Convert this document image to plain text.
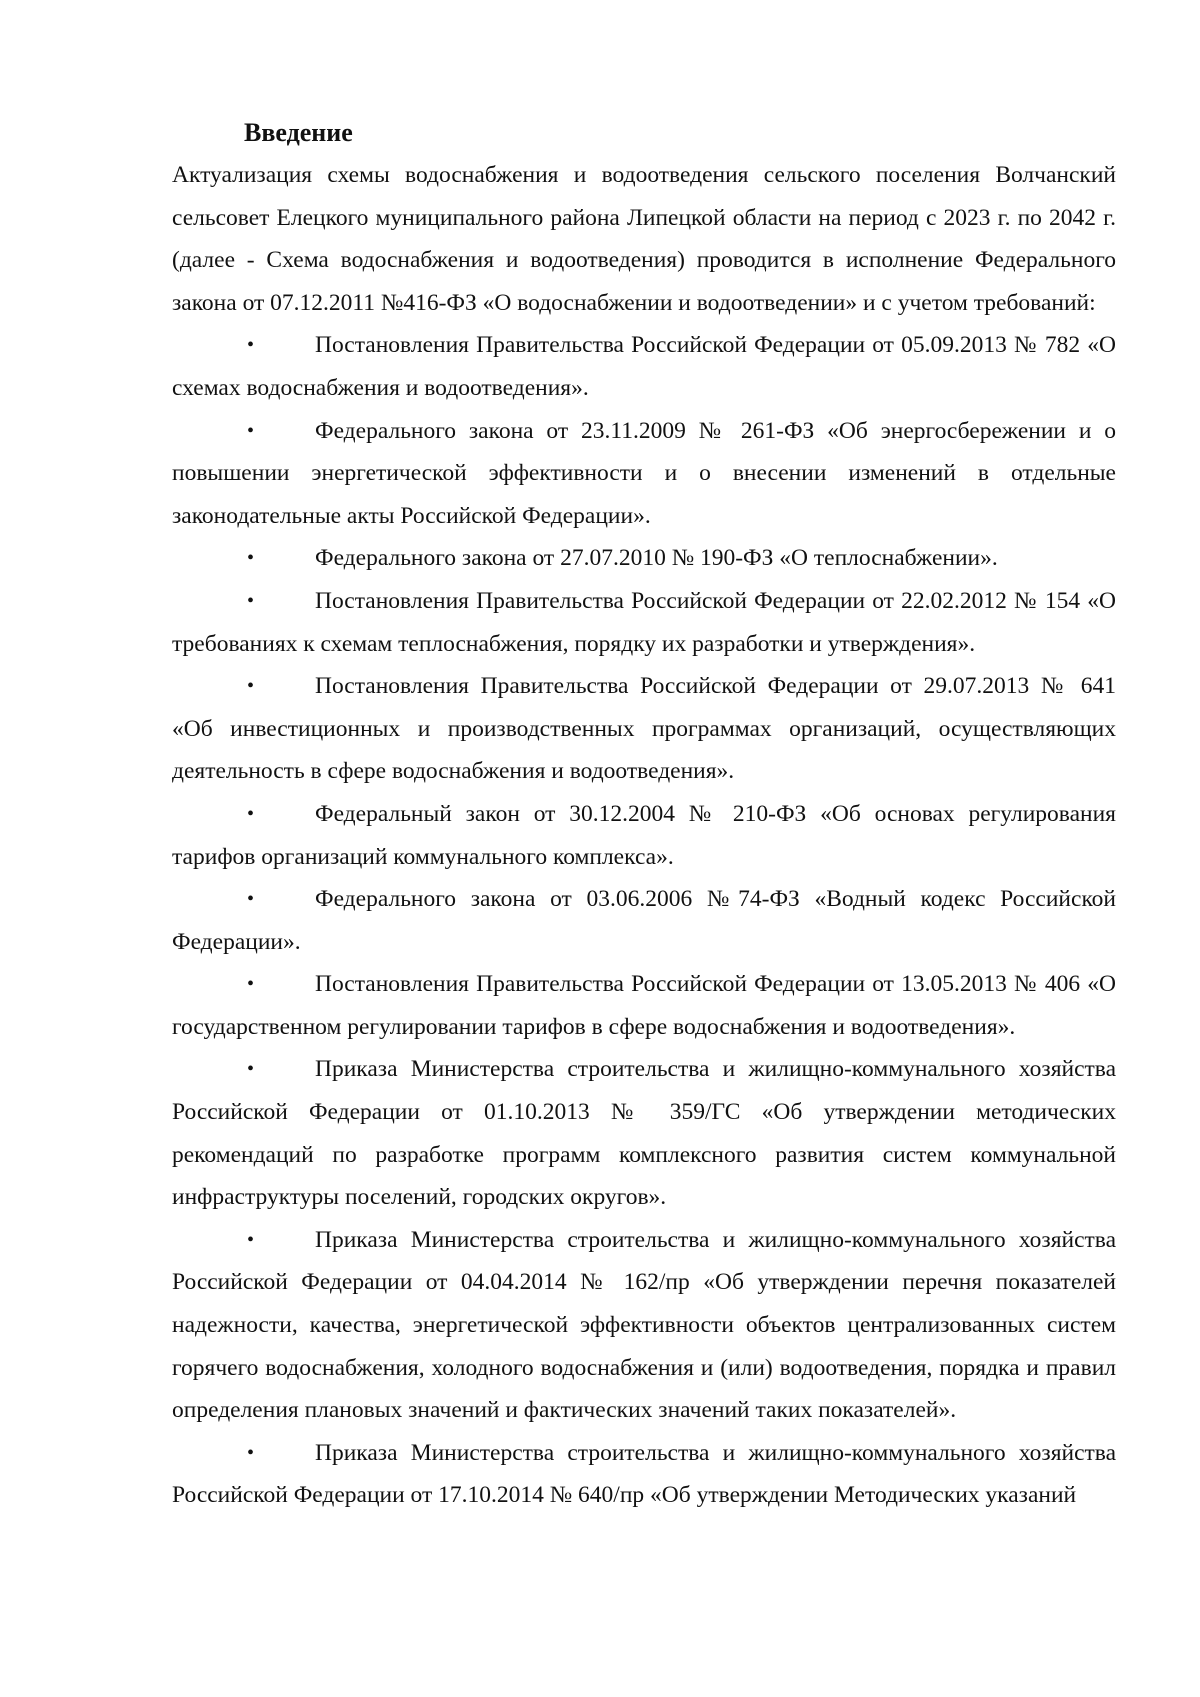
Введение

Актуализация схемы водоснабжения и водоотведения сельского поселения Волчанский сельсовет Елецкого муниципального района Липецкой области на период с 2023 г. по 2042 г. (далее - Схема водоснабжения и водоотведения) проводится в исполнение Федерального закона от 07.12.2011 №416-ФЗ «О водоснабжении и водоотведении» и с учетом требований:

•	Постановления Правительства Российской Федерации от 05.09.2013 № 782 «О схемах водоснабжения и водоотведения».
•	Федерального закона от 23.11.2009 № 261-ФЗ «Об энергосбережении и о повышении энергетической эффективности и о внесении изменений в отдельные законодательные акты Российской Федерации».
•	Федерального закона от 27.07.2010 № 190-ФЗ «О теплоснабжении».
•	Постановления Правительства Российской Федерации от 22.02.2012 № 154 «О требованиях к схемам теплоснабжения, порядку их разработки и утверждения».
•	Постановления Правительства Российской Федерации от 29.07.2013 № 641 «Об инвестиционных и производственных программах организаций, осуществляющих деятельность в сфере водоснабжения и водоотведения».
•	Федеральный закон от 30.12.2004 № 210-ФЗ «Об основах регулирования тарифов организаций коммунального комплекса».
•	Федерального закона от 03.06.2006 №74-ФЗ «Водный кодекс Российской Федерации».
•	Постановления Правительства Российской Федерации от 13.05.2013 № 406 «О государственном регулировании тарифов в сфере водоснабжения и водоотведения».
•	Приказа Министерства строительства и жилищно-коммунального хозяйства Российской Федерации от 01.10.2013 № 359/ГС «Об утверждении методических рекомендаций по разработке программ комплексного развития систем коммунальной инфраструктуры поселений, городских округов».
•	Приказа Министерства строительства и жилищно-коммунального хозяйства Российской Федерации от 04.04.2014 № 162/пр «Об утверждении перечня показателей надежности, качества, энергетической эффективности объектов централизованных систем горячего водоснабжения, холодного водоснабжения и (или) водоотведения, порядка и правил определения плановых значений и фактических значений таких показателей».
•	Приказа Министерства строительства и жилищно-коммунального хозяйства Российской Федерации от 17.10.2014 № 640/пр «Об утверждении Методических указаний
